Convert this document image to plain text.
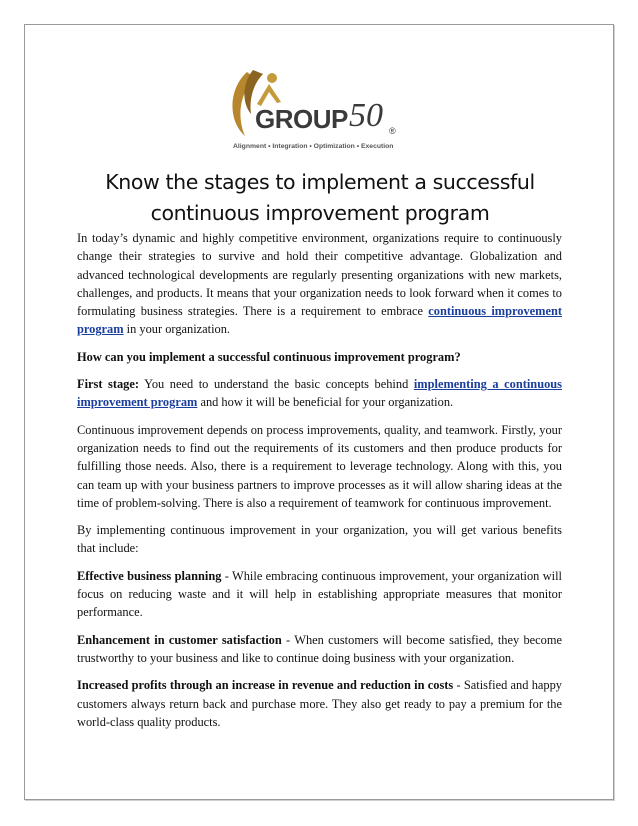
GROUP 50 ®
Alignment • Integration • Optimization • Execution
Know the stages to implement a successful continuous improvement program

In today’s dynamic and highly competitive environment, organizations require to continuously change their strategies to survive and hold their competitive advantage. Globalization and advanced technological developments are regularly presenting organizations with new markets, challenges, and products. It means that your organization needs to look forward when it comes to formulating business strategies. There is a requirement to embrace continuous improvement program in your organization.

How can you implement a successful continuous improvement program?

First stage: You need to understand the basic concepts behind implementing a continuous improvement program and how it will be beneficial for your organization.

Continuous improvement depends on process improvements, quality, and teamwork. Firstly, your organization needs to find out the requirements of its customers and then produce products for fulfilling those needs. Also, there is a requirement to leverage technology. Along with this, you can team up with your business partners to improve processes as it will allow sharing ideas at the time of problem-solving. There is also a requirement of teamwork for continuous improvement.

By implementing continuous improvement in your organization, you will get various benefits that include:

Effective business planning - While embracing continuous improvement, your organization will focus on reducing waste and it will help in establishing appropriate measures that monitor performance.

Enhancement in customer satisfaction - When customers will become satisfied, they become trustworthy to your business and like to continue doing business with your organization.

Increased profits through an increase in revenue and reduction in costs - Satisfied and happy customers always return back and purchase more. They also get ready to pay a premium for the world-class quality products.
